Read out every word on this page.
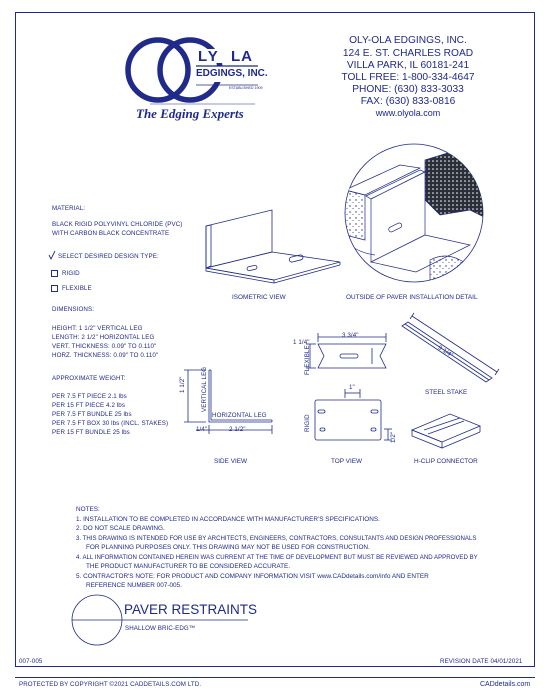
LY LA
EDGINGS, INC.
ESTABLISHED 1909
The Edging Experts
OLY-OLA EDGINGS, INC.
124 E. ST. CHARLES ROAD
VILLA PARK, IL 60181-241
TOLL FREE: 1-800-334-4647
PHONE: (630) 833-3033
FAX: (630) 833-0816
www.olyola.com
MATERIAL:
BLACK RIGID POLYVINYL CHLORIDE (PVC)
WITH CARBON BLACK CONCENTRATE
SELECT DESIRED DESIGN TYPE:
RIGID
FLEXIBLE
DIMENSIONS:
HEIGHT: 1 1/2" VERTICAL LEG
LENGTH: 2 1/2" HORIZONTAL LEG
VERT. THICKNESS: 0.09" TO 0.110"
HORZ. THICKNESS: 0.09" TO 0.110"
APPROXIMATE WEIGHT:
PER 7.5 FT PIECE 2.1 lbs
PER 15 FT PIECE 4.2 lbs
PER 7.5 FT BUNDLE 25 lbs
PER 7.5 FT BOX 30 lbs (INCL. STAKES)
PER 15 FT BUNDLE 25 lbs
ISOMETRIC VIEW	OUTSIDE OF PAVER INSTALLATION DETAIL
1 1/2" VERTICAL LEG
HORIZONTAL LEG
1/4"	2 1/2"
SIDE VIEW
1 1/4"
3 3/4"
FLEXIBLE
1"
RIGID
1/2"
TOP VIEW
9 1/4"
STEEL STAKE
H-CLIP CONNECTOR
NOTES:
1. INSTALLATION TO BE COMPLETED IN ACCORDANCE WITH MANUFACTURER'S SPECIFICATIONS.
2. DO NOT SCALE DRAWING.
3. THIS DRAWING IS INTENDED FOR USE BY ARCHITECTS, ENGINEERS, CONTRACTORS, CONSULTANTS AND DESIGN PROFESSIONALS
FOR PLANNING PURPOSES ONLY. THIS DRAWING MAY NOT BE USED FOR CONSTRUCTION.
4. ALL INFORMATION CONTAINED HEREIN WAS CURRENT AT THE TIME OF DEVELOPMENT BUT MUST BE REVIEWED AND APPROVED BY
THE PRODUCT MANUFACTURER TO BE CONSIDERED ACCURATE.
5. CONTRACTOR'S NOTE: FOR PRODUCT AND COMPANY INFORMATION VISIT www.CADdetails.com/info AND ENTER
REFERENCE NUMBER 007-005.
PAVER RESTRAINTS
SHALLOW BRIC-EDG™
007-005	REVISION DATE 04/01/2021
PROTECTED BY COPYRIGHT ©2021 CADDETAILS.COM LTD.	CADdetails.com
